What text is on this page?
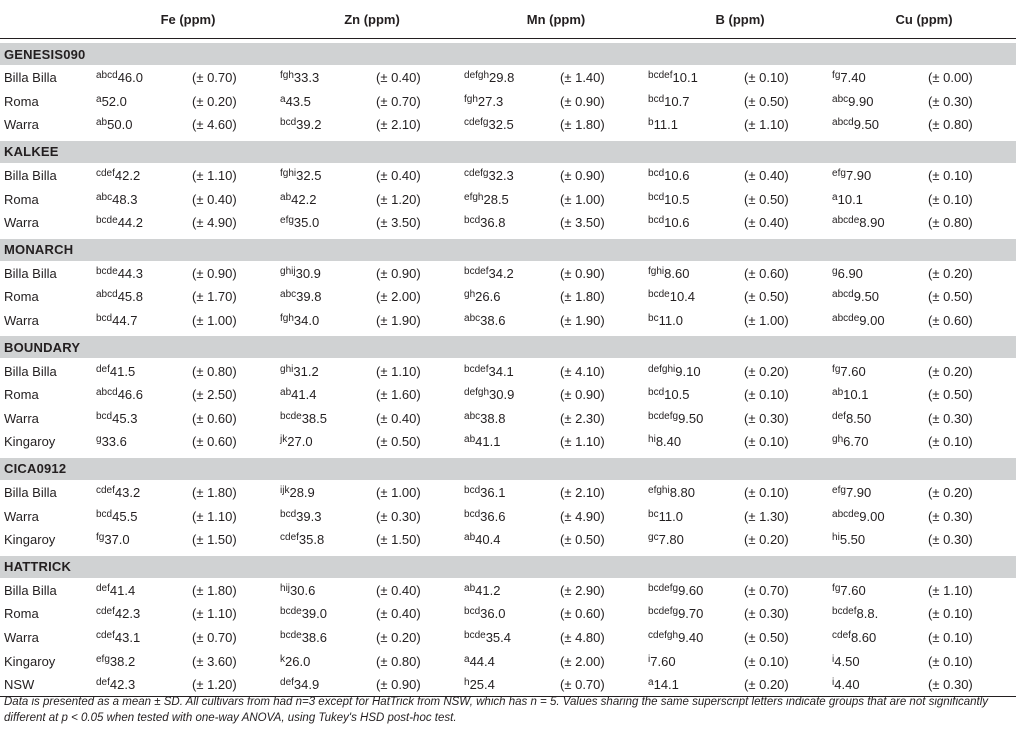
	Fe (ppm)		Zn (ppm)		Mn (ppm)		B (ppm)		Cu (ppm)	

GENESIS090										
Billa Billa	$^{abcd}$46.0	(± 0.70)	$^{fgh}$33.3	(± 0.40)	$^{defgh}$29.8	(± 1.40)	$^{bcdef}$10.1	(± 0.10)	$^{fg}$7.40	(± 0.00)
Roma	$^a$52.0	(± 0.20)	$^a$43.5	(± 0.70)	$^{fgh}$27.3	(± 0.90)	$^{bcd}$10.7	(± 0.50)	$^{abc}$9.90	(± 0.30)
Warra	$^{ab}$50.0	(± 4.60)	$^{bcd}$39.2	(± 2.10)	$^{cdefg}$32.5	(± 1.80)	$^b$11.1	(± 1.10)	$^{abcd}$9.50	(± 0.80)

KALKEE										
Billa Billa	$^{cdef}$42.2	(± 1.10)	$^{fghi}$32.5	(± 0.40)	$^{cdefg}$32.3	(± 0.90)	$^{bcd}$10.6	(± 0.40)	$^{efg}$7.90	(± 0.10)
Roma	$^{abc}$48.3	(± 0.40)	$^{ab}$42.2	(± 1.20)	$^{efgh}$28.5	(± 1.00)	$^{bcd}$10.5	(± 0.50)	$^a$10.1	(± 0.10)
Warra	$^{bcde}$44.2	(± 4.90)	$^{efg}$35.0	(± 3.50)	$^{bcd}$36.8	(± 3.50)	$^{bcd}$10.6	(± 0.40)	$^{abcde}$8.90	(± 0.80)

MONARCH										
Billa Billa	$^{bcde}$44.3	(± 0.90)	$^{ghij}$30.9	(± 0.90)	$^{bcdef}$34.2	(± 0.90)	$^{fghi}$8.60	(± 0.60)	$^g$6.90	(± 0.20)
Roma	$^{abcd}$45.8	(± 1.70)	$^{abc}$39.8	(± 2.00)	$^{gh}$26.6	(± 1.80)	$^{bcde}$10.4	(± 0.50)	$^{abcd}$9.50	(± 0.50)
Warra	$^{bcd}$44.7	(± 1.00)	$^{fgh}$34.0	(± 1.90)	$^{abc}$38.6	(± 1.90)	$^{bc}$11.0	(± 1.00)	$^{abcde}$9.00	(± 0.60)

BOUNDARY										
Billa Billa	$^{def}$41.5	(± 0.80)	$^{ghi}$31.2	(± 1.10)	$^{bcdef}$34.1	(± 4.10)	$^{defghi}$9.10	(± 0.20)	$^{fg}$7.60	(± 0.20)
Roma	$^{abcd}$46.6	(± 2.50)	$^{ab}$41.4	(± 1.60)	$^{defgh}$30.9	(± 0.90)	$^{bcd}$10.5	(± 0.10)	$^{ab}$10.1	(± 0.50)
Warra	$^{bcd}$45.3	(± 0.60)	$^{bcde}$38.5	(± 0.40)	$^{abc}$38.8	(± 2.30)	$^{bcdefg}$9.50	(± 0.30)	$^{def}$8.50	(± 0.30)
Kingaroy	$^g$33.6	(± 0.60)	$^{jk}$27.0	(± 0.50)	$^{ab}$41.1	(± 1.10)	$^{hi}$8.40	(± 0.10)	$^{gh}$6.70	(± 0.10)

CICA0912										
Billa Billa	$^{cdef}$43.2	(± 1.80)	$^{ijk}$28.9	(± 1.00)	$^{bcd}$36.1	(± 2.10)	$^{efghi}$8.80	(± 0.10)	$^{efg}$7.90	(± 0.20)
Warra	$^{bcd}$45.5	(± 1.10)	$^{bcd}$39.3	(± 0.30)	$^{bcd}$36.6	(± 4.90)	$^{bc}$11.0	(± 1.30)	$^{abcde}$9.00	(± 0.30)
Kingaroy	$^{fg}$37.0	(± 1.50)	$^{cdef}$35.8	(± 1.50)	$^{ab}$40.4	(± 0.50)	$^{gc}$7.80	(± 0.20)	$^{hi}$5.50	(± 0.30)

HATTRICK										
Billa Billa	$^{def}$41.4	(± 1.80)	$^{hij}$30.6	(± 0.40)	$^{ab}$41.2	(± 2.90)	$^{bcdefg}$9.60	(± 0.70)	$^{fg}$7.60	(± 1.10)
Roma	$^{cdef}$42.3	(± 1.10)	$^{bcde}$39.0	(± 0.40)	$^{bcd}$36.0	(± 0.60)	$^{bcdefg}$9.70	(± 0.30)	$^{bcdef}$8.8.	(± 0.10)
Warra	$^{cdef}$43.1	(± 0.70)	$^{bcde}$38.6	(± 0.20)	$^{bcde}$35.4	(± 4.80)	$^{cdefgh}$9.40	(± 0.50)	$^{cdef}$8.60	(± 0.10)
Kingaroy	$^{efg}$38.2	(± 3.60)	$^k$26.0	(± 0.80)	$^a$44.4	(± 2.00)	$^i$7.60	(± 0.10)	$^i$4.50	(± 0.10)
NSW	$^{def}$42.3	(± 1.20)	$^{def}$34.9	(± 0.90)	$^h$25.4	(± 0.70)	$^a$14.1	(± 0.20)	$^i$4.40	(± 0.30)
Data is presented as a mean ± SD. All cultivars from had n=3 except for HatTrick from NSW, which has n = 5. Values sharing the same superscript letters indicate groups that are not significantly different at p < 0.05 when tested with one-way ANOVA, using Tukey's HSD post-hoc test.
